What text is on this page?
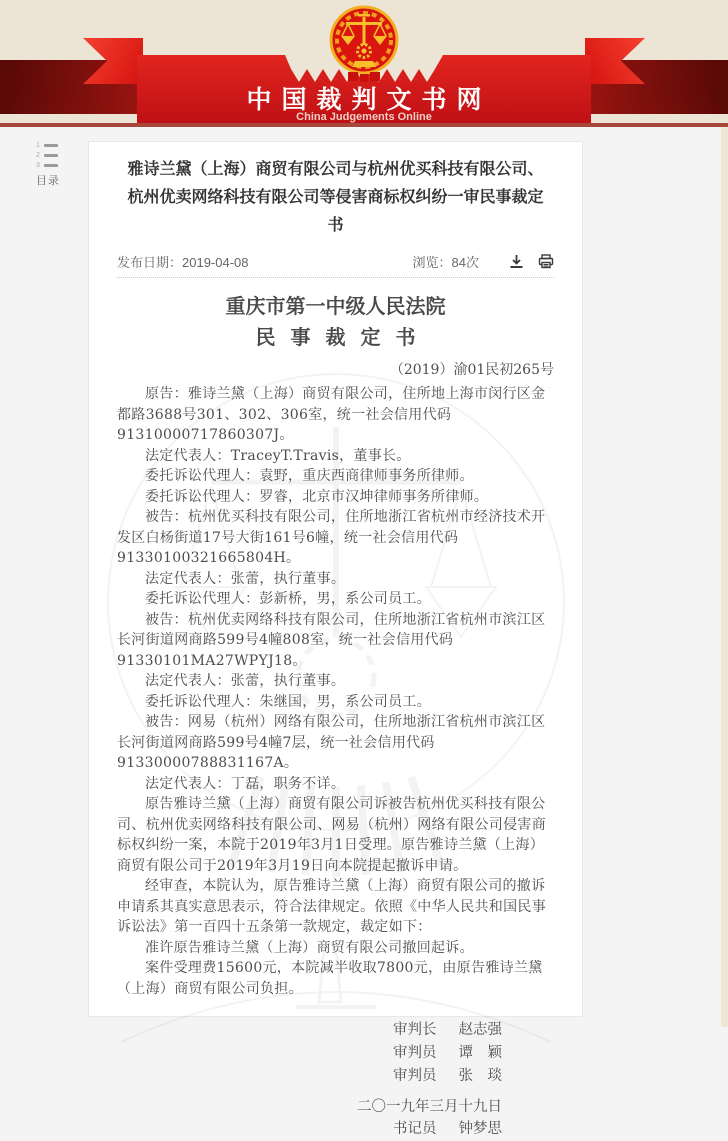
中国裁判文书网
China Judgements Online
1
2
3
目录
雅诗兰黛（上海）商贸有限公司与杭州优买科技有限公司、杭州优卖网络科技有限公司等侵害商标权纠纷一审民事裁定书
发布日期：2019-04-08	浏览：84次
重庆市第一中级人民法院
民事裁定书
（2019）渝01民初265号

原告：雅诗兰黛（上海）商贸有限公司，住所地上海市闵行区金都路3688号301、302、306室，统一社会信用代码91310000717860307J。

法定代表人：TraceyT.Travis，董事长。

委托诉讼代理人：袁野，重庆西商律师事务所律师。

委托诉讼代理人：罗睿，北京市汉坤律师事务所律师。

被告：杭州优买科技有限公司，住所地浙江省杭州市经济技术开发区白杨街道17号大街161号6幢，统一社会信用代码91330100321665804H。

法定代表人：张蕾，执行董事。

委托诉讼代理人：彭新桥，男，系公司员工。

被告：杭州优卖网络科技有限公司，住所地浙江省杭州市滨江区长河街道网商路599号4幢808室，统一社会信用代码91330101MA27WPYJ18。

法定代表人：张蕾，执行董事。

委托诉讼代理人：朱继国，男，系公司员工。

被告：网易（杭州）网络有限公司，住所地浙江省杭州市滨江区长河街道网商路599号4幢7层，统一社会信用代码91330000788831167A。

法定代表人：丁磊，职务不详。

原告雅诗兰黛（上海）商贸有限公司诉被告杭州优买科技有限公司、杭州优卖网络科技有限公司、网易（杭州）网络有限公司侵害商标权纠纷一案，本院于2019年3月1日受理。原告雅诗兰黛（上海）商贸有限公司于2019年3月19日向本院提起撤诉申请。

经审查，本院认为，原告雅诗兰黛（上海）商贸有限公司的撤诉申请系其真实意思表示，符合法律规定。依照《中华人民共和国民事诉讼法》第一百四十五条第一款规定，裁定如下：

准许原告雅诗兰黛（上海）商贸有限公司撤回起诉。

案件受理费15600元，本院减半收取7800元，由原告雅诗兰黛（上海）商贸有限公司负担。

审判长 赵志强
审判员 谭　颖
审判员 张　琰
二〇一九年三月十九日
书记员 钟梦思
